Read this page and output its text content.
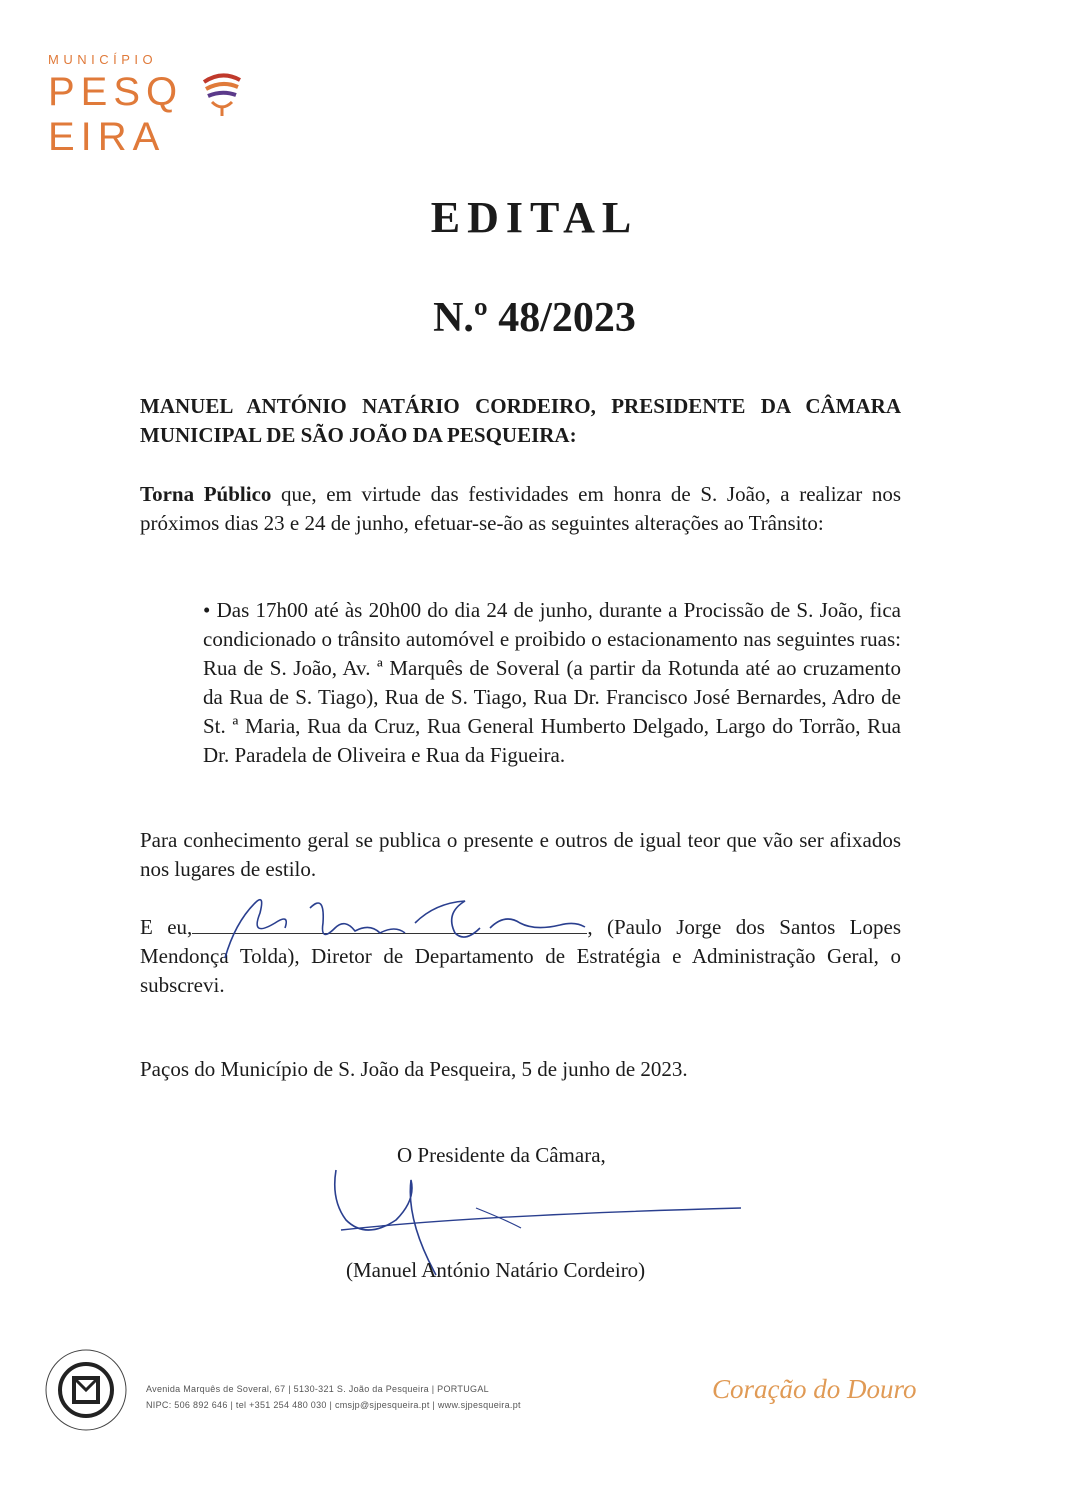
MUNICÍPIO
PESQEIRA
EDITAL
N.º 48/2023
MANUEL ANTÓNIO NATÁRIO CORDEIRO, PRESIDENTE DA CÂMARA MUNICIPAL DE SÃO JOÃO DA PESQUEIRA:
Torna Público que, em virtude das festividades em honra de S. João, a realizar nos próximos dias 23 e 24 de junho, efetuar-se-ão as seguintes alterações ao Trânsito:
• Das 17h00 até às 20h00 do dia 24 de junho, durante a Procissão de S. João, fica condicionado o trânsito automóvel e proibido o estacionamento nas seguintes ruas: Rua de S. João, Av. ª Marquês de Soveral (a partir da Rotunda até ao cruzamento da Rua de S. Tiago), Rua de S. Tiago, Rua Dr. Francisco José Bernardes, Adro de St. ª Maria, Rua da Cruz, Rua General Humberto Delgado, Largo do Torrão, Rua Dr. Paradela de Oliveira e Rua da Figueira.
Para conhecimento geral se publica o presente e outros de igual teor que vão ser afixados nos lugares de estilo.
E eu,	, (Paulo Jorge dos Santos Lopes Mendonça Tolda), Diretor de Departamento de Estratégia e Administração Geral, o subscrevi.
Paços do Município de S. João da Pesqueira, 5 de junho de 2023.
O Presidente da Câmara,
(Manuel António Natário Cordeiro)
Avenida Marquês de Soveral, 67 | 5130-321 S. João da Pesqueira | PORTUGAL
NIPC: 506 892 646 | tel +351 254 480 030 | cmsjp@sjpesqueira.pt | www.sjpesqueira.pt
Coração do Douro
